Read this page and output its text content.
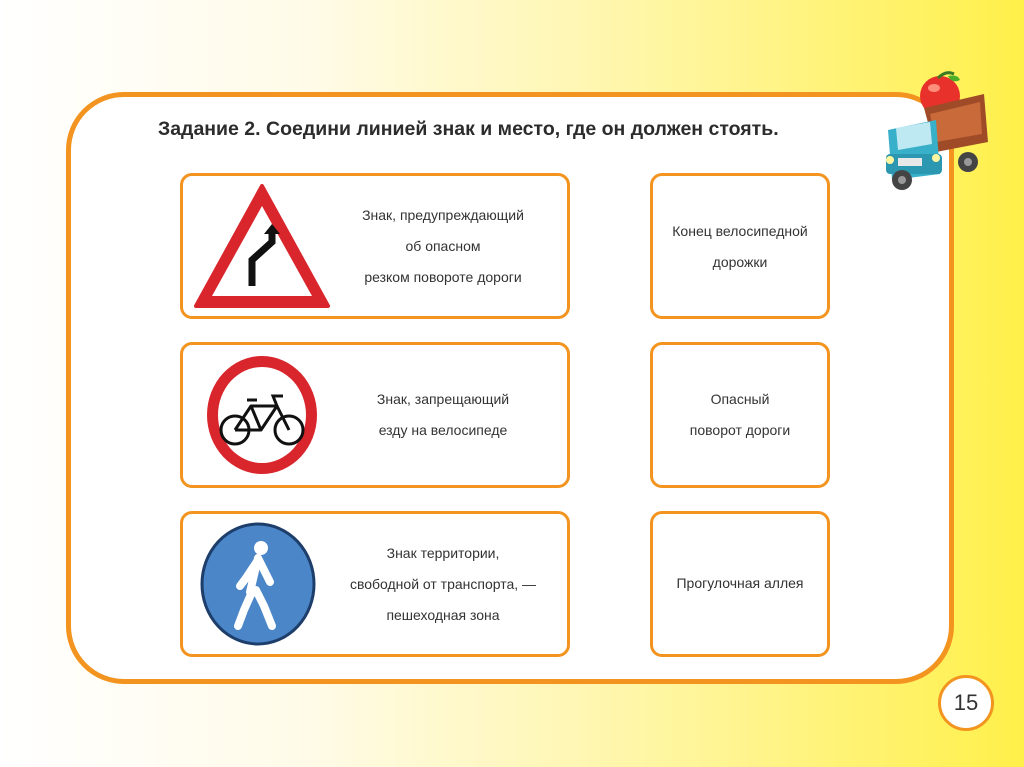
Задание 2. Соедини линией знак и место, где он должен стоять.
Знак, предупреждающий
об опасном
резком повороте дороги
Знак, запрещающий
езду на велосипеде
Знак территории,
свободной от транспорта, —
пешеходная зона
Конец велосипедной
дорожки
Опасный
поворот дороги
Прогулочная аллея
15
